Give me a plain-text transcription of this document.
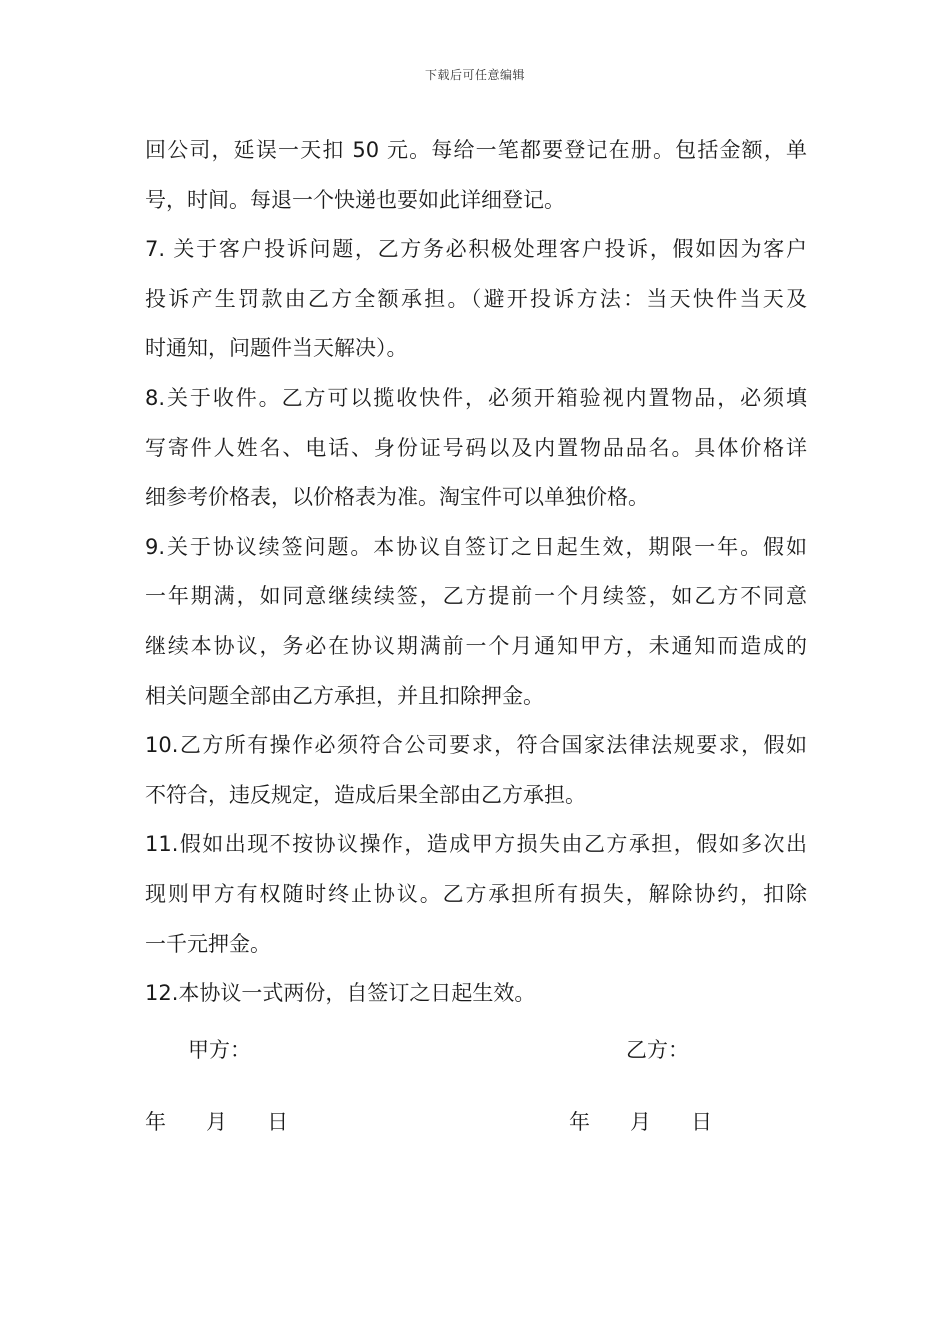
下载后可任意编辑
回公司，延误一天扣 50 元。每给一笔都要登记在册。包括金额，单
号，时间。每退一个快递也要如此详细登记。
7. 关于客户投诉问题，乙方务必积极处理客户投诉，假如因为客户
投诉产生罚款由乙方全额承担。（避开投诉方法：当天快件当天及
时通知，问题件当天解决）。
8.关于收件。乙方可以揽收快件，必须开箱验视内置物品，必须填
写寄件人姓名、电话、身份证号码以及内置物品品名。具体价格详
细参考价格表，以价格表为准。淘宝件可以单独价格。
9.关于协议续签问题。本协议自签订之日起生效，期限一年。假如
一年期满，如同意继续续签，乙方提前一个月续签，如乙方不同意
继续本协议，务必在协议期满前一个月通知甲方，未通知而造成的
相关问题全部由乙方承担，并且扣除押金。
10.乙方所有操作必须符合公司要求，符合国家法律法规要求，假如
不符合，违反规定，造成后果全部由乙方承担。
11.假如出现不按协议操作，造成甲方损失由乙方承担，假如多次出
现则甲方有权随时终止协议。乙方承担所有损失，解除协约，扣除
一千元押金。
12.本协议一式两份，自签订之日起生效。
甲方：	乙方：
年      月      日	年      月      日
